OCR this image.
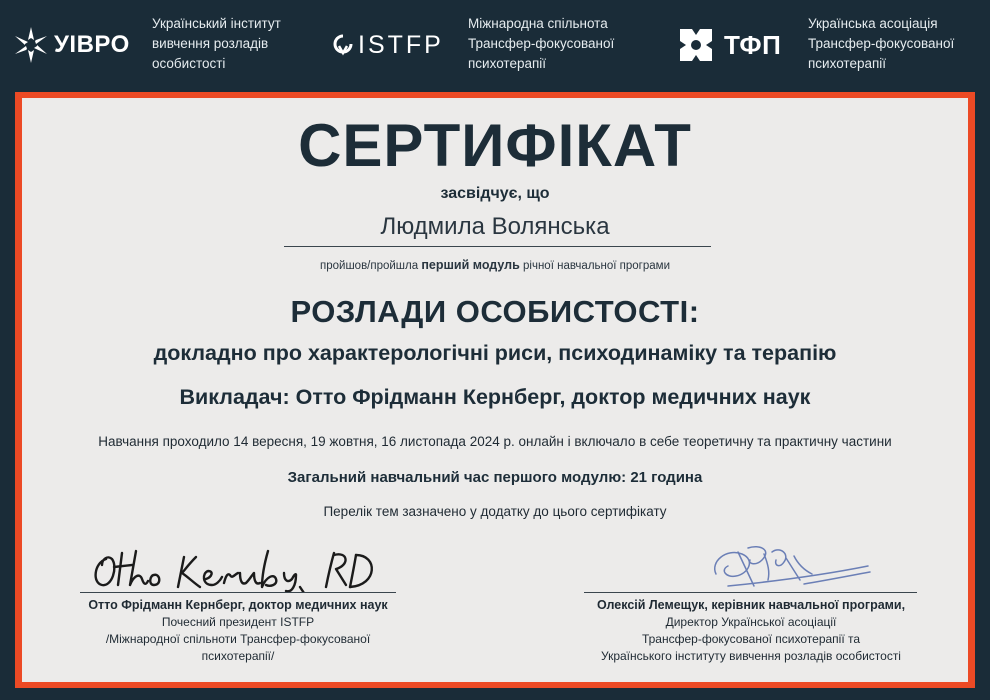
УІВРО
Український інститут
вивчення розладів
особистості
ISTFP
Міжнародна спільнота
Трансфер-фокусованої
психотерапії
ТФП
Українська асоціація
Трансфер-фокусованої
психотерапії
СЕРТИФІКАТ
засвідчує, що
Людмила Волянська
пройшов/пройшла перший модуль річної навчальної програми
РОЗЛАДИ ОСОБИСТОСТІ:
докладно про характерологічні риси, психодинаміку та терапію
Викладач: Отто Фрідманн Кернберг, доктор медичних наук
Навчання проходило 14 вересня, 19 жовтня, 16 листопада 2024 р. онлайн і включало в себе теоретичну та практичну частини
Загальний навчальний час першого модулю: 21 година
Перелік тем зазначено у додатку до цього сертифікату
Отто Фрідманн Кернберг, доктор медичних наук
Почесний президент ISTFP
/Міжнародної спільноти Трансфер-фокусованої
психотерапії/
Олексій Лемещук, керівник навчальної програми,
Директор Української асоціації
Трансфер-фокусованої психотерапії та
Українського інституту вивчення розладів особистості
